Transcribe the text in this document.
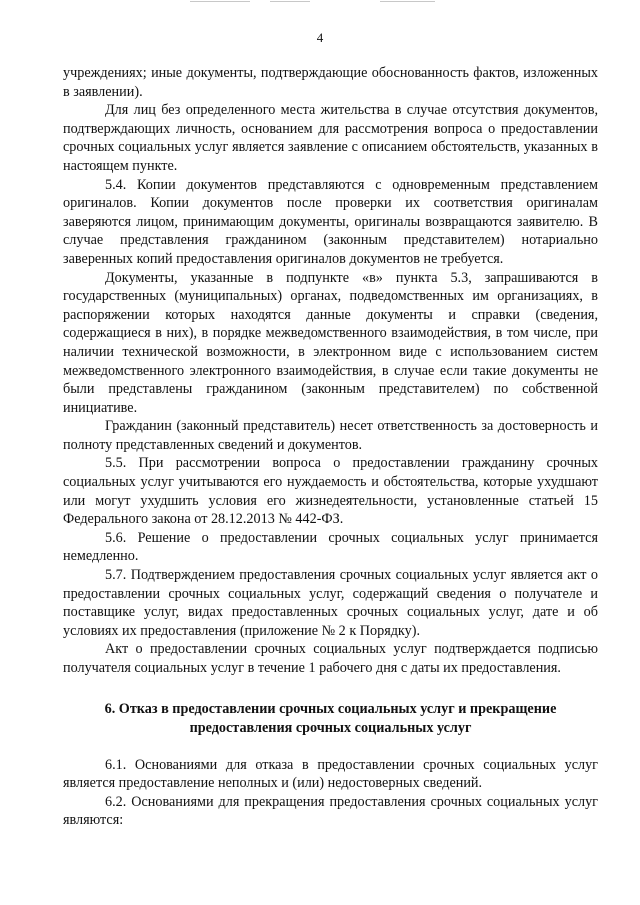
4

учреждениях; иные документы, подтверждающие обоснованность фактов, изложенных в заявлении).

Для лиц без определенного места жительства в случае отсутствия документов, подтверждающих личность, основанием для рассмотрения вопроса о предоставлении срочных социальных услуг является заявление с описанием обстоятельств, указанных в настоящем пункте.

5.4. Копии документов представляются с одновременным представлением оригиналов. Копии документов после проверки их соответствия оригиналам заверяются лицом, принимающим документы, оригиналы возвращаются заявителю. В случае представления гражданином (законным представителем) нотариально заверенных копий предоставления оригиналов документов не требуется.

Документы, указанные в подпункте «в» пункта 5.3, запрашиваются в государственных (муниципальных) органах, подведомственных им организациях, в распоряжении которых находятся данные документы и справки (сведения, содержащиеся в них), в порядке межведомственного взаимодействия, в том числе, при наличии технической возможности, в электронном виде с использованием систем межведомственного электронного взаимодействия, в случае если такие документы не были представлены гражданином (законным представителем) по собственной инициативе.

Гражданин (законный представитель) несет ответственность за достоверность и полноту представленных сведений и документов.

5.5. При рассмотрении вопроса о предоставлении гражданину срочных социальных услуг учитываются его нуждаемость и обстоятельства, которые ухудшают или могут ухудшить условия его жизнедеятельности, установленные статьей 15 Федерального закона от 28.12.2013 № 442-ФЗ.

5.6. Решение о предоставлении срочных социальных услуг принимается немедленно.

5.7. Подтверждением предоставления срочных социальных услуг является акт о предоставлении срочных социальных услуг, содержащий сведения о получателе и поставщике услуг, видах предоставленных срочных социальных услуг, дате и об условиях их предоставления (приложение № 2 к Порядку).

Акт о предоставлении срочных социальных услуг подтверждается подписью получателя социальных услуг в течение 1 рабочего дня с даты их предоставления.

6. Отказ в предоставлении срочных социальных услуг и прекращение предоставления срочных социальных услуг

6.1. Основаниями для отказа в предоставлении срочных социальных услуг является предоставление неполных и (или) недостоверных сведений.

6.2. Основаниями для прекращения предоставления срочных социальных услуг являются:
